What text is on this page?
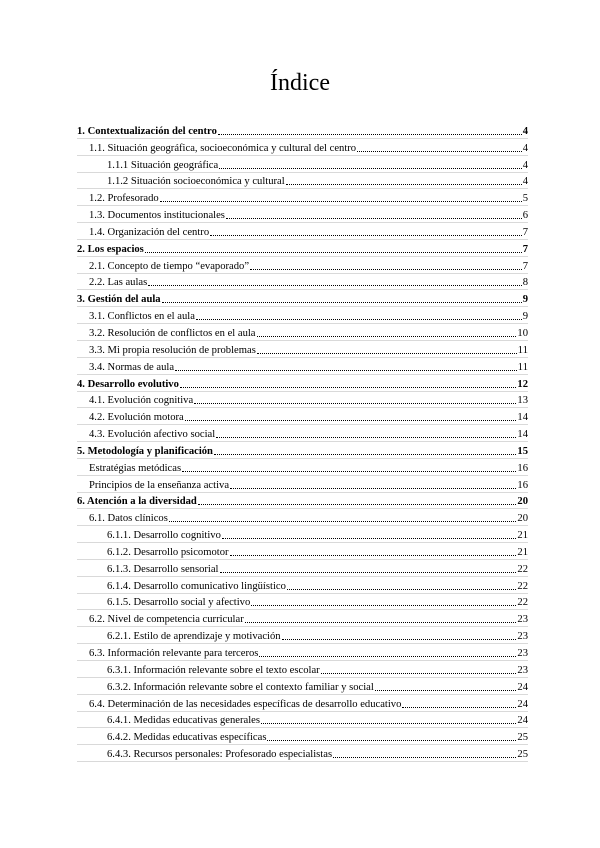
Índice
1. Contextualización del centro	4
1.1. Situación geográfica, socioeconómica y cultural del centro	4
1.1.1 Situación geográfica	4
1.1.2 Situación socioeconómica y cultural	4
1.2. Profesorado	5
1.3. Documentos institucionales	6
1.4. Organización del centro	7
2. Los espacios	7
2.1. Concepto de tiempo “evaporado”	7
2.2. Las aulas	8
3. Gestión del aula	9
3.1. Conflictos en el aula	9
3.2. Resolución de conflictos en el aula	10
3.3. Mi propia resolución de problemas	11
3.4. Normas de aula	11
4. Desarrollo evolutivo	12
4.1. Evolución cognitiva	13
4.2. Evolución motora	14
4.3. Evolución afectivo social	14
5. Metodología y planificación	15
Estratégias metódicas	16
Principios de la enseñanza activa	16
6. Atención a la diversidad	20
6.1. Datos clínicos	20
6.1.1. Desarrollo cognitivo	21
6.1.2. Desarrollo psicomotor	21
6.1.3. Desarrollo sensorial	22
6.1.4. Desarrollo comunicativo lingüístico	22
6.1.5. Desarrollo social y afectivo	22
6.2. Nivel de competencia curricular	23
6.2.1. Estilo de aprendizaje y motivación	23
6.3. Información relevante para terceros	23
6.3.1. Información relevante sobre el texto escolar	23
6.3.2. Información relevante sobre el contexto familiar y social	24
6.4. Determinación de las necesidades específicas de desarrollo educativo	24
6.4.1. Medidas educativas generales	24
6.4.2. Medidas educativas específicas	25
6.4.3. Recursos personales: Profesorado especialistas	25
